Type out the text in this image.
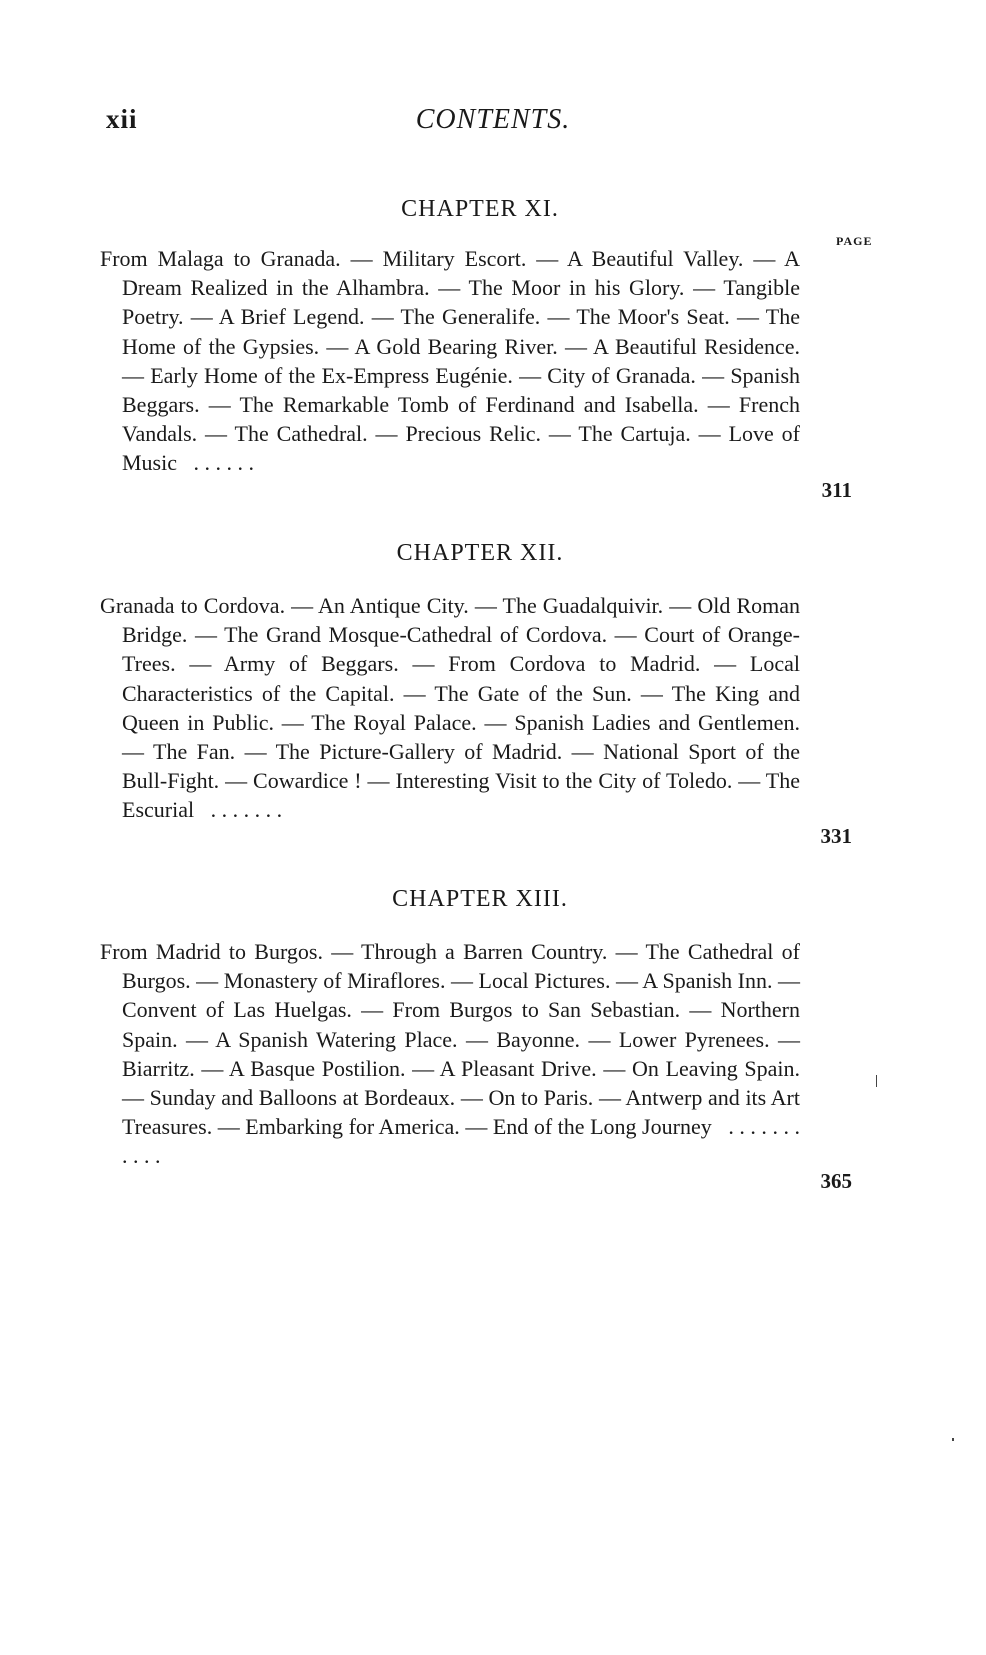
xii	CONTENTS.
PAGE
CHAPTER XI.
From Malaga to Granada. — Military Escort. — A Beautiful Valley. — A Dream Realized in the Alhambra. — The Moor in his Glory. — Tangible Poetry. — A Brief Legend. — The Generalife. — The Moor's Seat. — The Home of the Gypsies. — A Gold Bearing River. — A Beautiful Residence. — Early Home of the Ex-Empress Eugénie. — City of Granada. — Spanish Beggars. — The Remarkable Tomb of Ferdinand and Isabella. — French Vandals. — The Cathedral. — Precious Relic. — The Cartuja. — Love of Music . . . . . .
311
CHAPTER XII.
Granada to Cordova. — An Antique City. — The Guadalquivir. — Old Roman Bridge. — The Grand Mosque-Cathedral of Cordova. — Court of Orange-Trees. — Army of Beggars. — From Cordova to Madrid. — Local Characteristics of the Capital. — The Gate of the Sun. — The King and Queen in Public. — The Royal Palace. — Spanish Ladies and Gentlemen. — The Fan. — The Picture-Gallery of Madrid. — National Sport of the Bull-Fight. — Cowardice ! — Interesting Visit to the City of Toledo. — The Escurial . . . . . . .
331
CHAPTER XIII.
From Madrid to Burgos. — Through a Barren Country. — The Cathedral of Burgos. — Monastery of Miraflores. — Local Pictures. — A Spanish Inn. — Convent of Las Huelgas. — From Burgos to San Sebastian. — Northern Spain. — A Spanish Watering Place. — Bayonne. — Lower Pyrenees. — Biarritz. — A Basque Postilion. — A Pleasant Drive. — On Leaving Spain. — Sunday and Balloons at Bordeaux. — On to Paris. — Antwerp and its Art Treasures. — Embarking for America. — End of the Long Journey . . . . . . . . . . .
365
